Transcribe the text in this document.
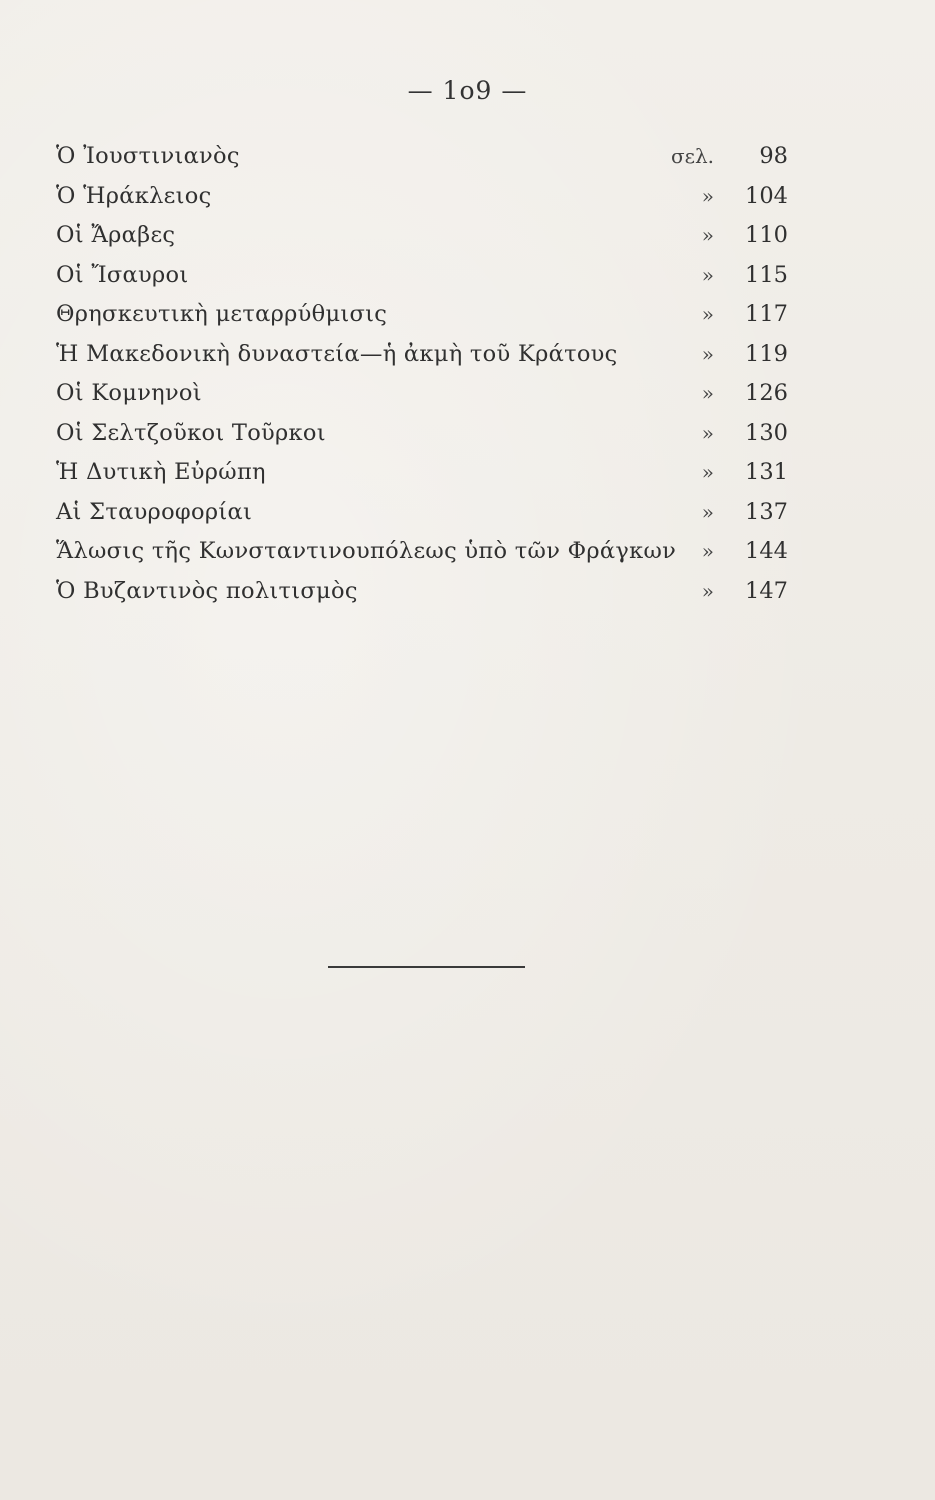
— 1ο9 —
Ὁ Ἰουστινιανὸς	σελ.	98
Ὁ Ἡράκλειος	»	104
Οἱ Ἄραβες	»	110
Οἱ Ἴσαυροι	»	115
Θρησκευτικὴ μεταρρύθμισις	»	117
Ἡ Μακεδονικὴ δυναστεία—ἡ ἀκμὴ τοῦ Κράτους	»	119
Οἱ Κομνηνοὶ	»	126
Οἱ Σελτζοῦκοι Τοῦρκοι	»	130
Ἡ Δυτικὴ Εὐρώπη	»	131
Αἱ Σταυροφορίαι	»	137
Ἅλωσις τῆς Κωνσταντινουπόλεως ὑπὸ τῶν Φράγκων	»	144
Ὁ Βυζαντινὸς πολιτισμὸς	»	147
